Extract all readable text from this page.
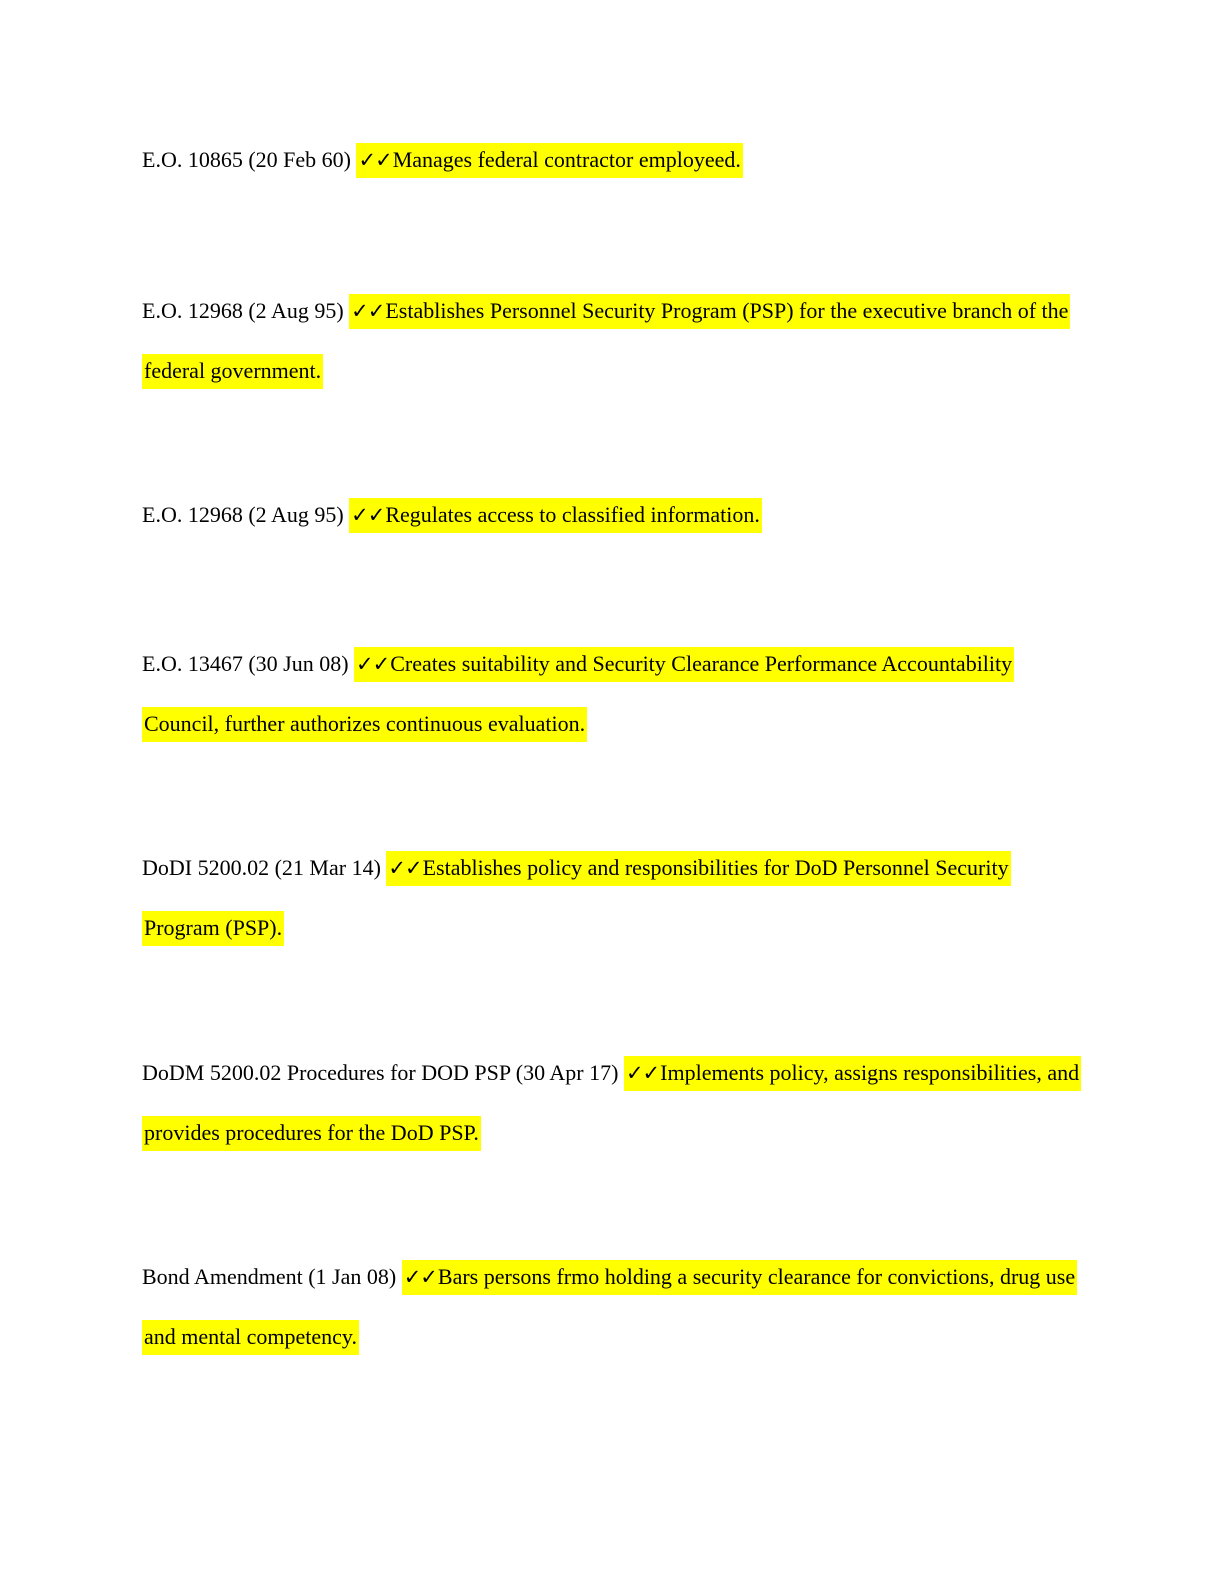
E.O. 10865 (20 Feb 60) ✓✓Manages federal contractor employeed.

E.O. 12968 (2 Aug 95) ✓✓Establishes Personnel Security Program (PSP) for the executive branch of the federal government.

E.O. 12968 (2 Aug 95) ✓✓Regulates access to classified information.

E.O. 13467 (30 Jun 08) ✓✓Creates suitability and Security Clearance Performance Accountability Council, further authorizes continuous evaluation.

DoDI 5200.02 (21 Mar 14) ✓✓Establishes policy and responsibilities for DoD Personnel Security Program (PSP).

DoDM 5200.02 Procedures for DOD PSP (30 Apr 17) ✓✓Implements policy, assigns responsibilities, and provides procedures for the DoD PSP.

Bond Amendment (1 Jan 08) ✓✓Bars persons frmo holding a security clearance for convictions, drug use and mental competency.
